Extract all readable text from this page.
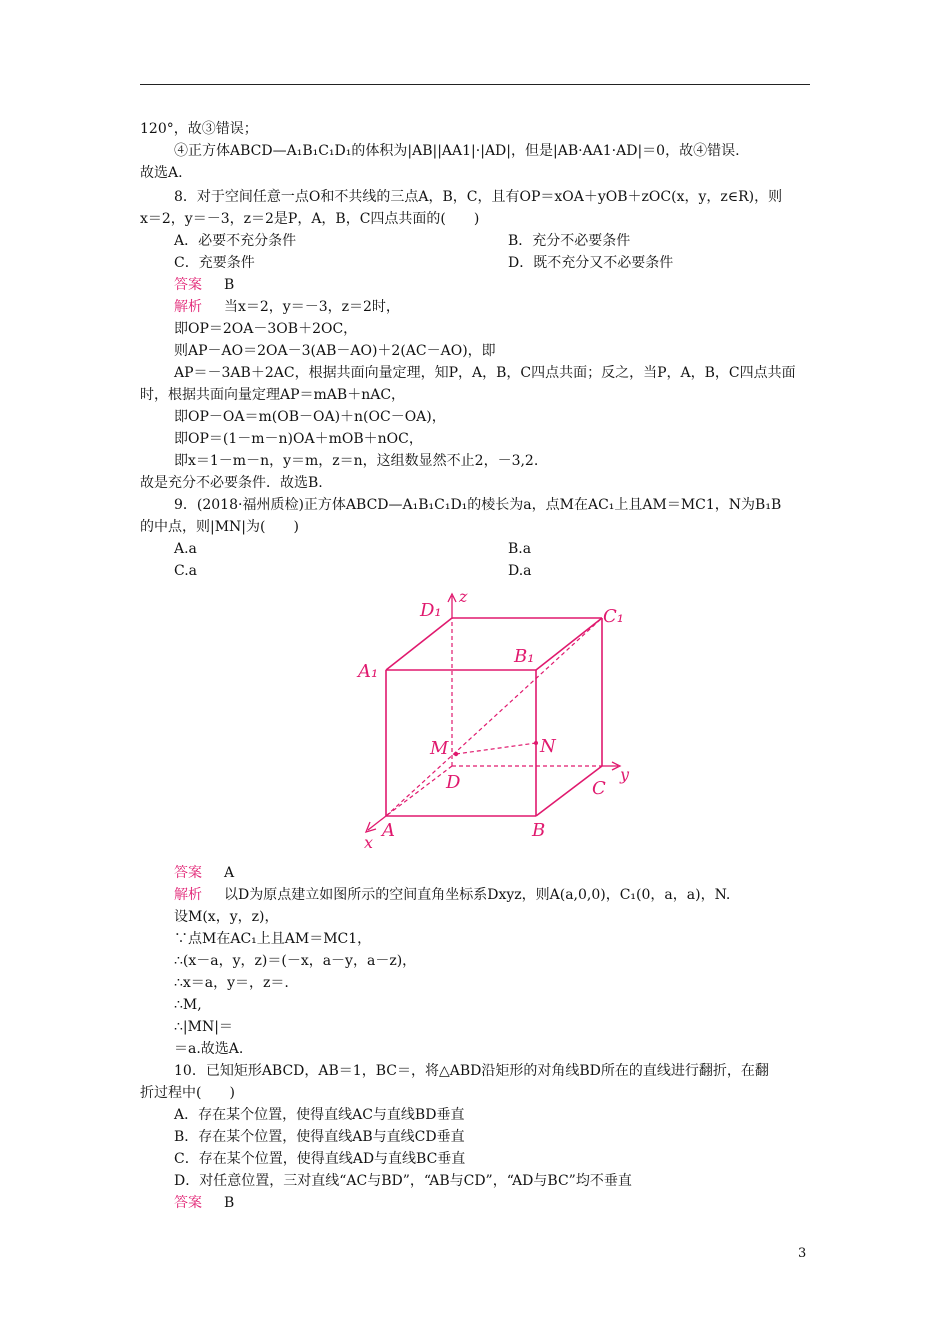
120°，故③错误；
④正方体ABCD—A₁B₁C₁D₁的体积为|AB||AA1|·|AD|，但是|AB·AA1·AD|＝0，故④错误.
故选A.
8．对于空间任意一点O和不共线的三点A，B，C，且有OP＝xOA＋yOB＋zOC(x，y，z∈R)，则
x＝2，y＝－3，z＝2是P，A，B，C四点共面的(　　)
A．必要不充分条件	B．充分不必要条件
C．充要条件	D．既不充分又不必要条件
答案 B
解析 当x＝2，y＝－3，z＝2时，
即OP＝2OA－3OB＋2OC，
则AP－AO＝2OA－3(AB－AO)＋2(AC－AO)，即
AP＝－3AB＋2AC，根据共面向量定理，知P，A，B，C四点共面；反之，当P，A，B，C四点共面
时，根据共面向量定理AP＝mAB＋nAC，
即OP－OA＝m(OB－OA)＋n(OC－OA)，
即OP＝(1－m－n)OA＋mOB＋nOC，
即x＝1－m－n，y＝m，z＝n，这组数显然不止2，－3,2.
故是充分不必要条件．故选B.
9．(2018·福州质检)正方体ABCD—A₁B₁C₁D₁的棱长为a，点M在AC₁上且AM＝MC1，N为B₁B
的中点，则|MN|为(　　)
A.a	B.a
C.a	D.a
D₁
z
C₁
A₁
B₁
M	N
D	C
y
A	B
x
答案 A
解析 以D为原点建立如图所示的空间直角坐标系Dxyz，则A(a,0,0)，C₁(0，a，a)，N.
设M(x，y，z)，
∵点M在AC₁上且AM＝MC1，
∴(x－a，y，z)＝(－x，a－y，a－z)，
∴x＝a，y＝，z＝.
∴M,
∴|MN|＝
＝a.故选A.
10．已知矩形ABCD，AB＝1，BC＝，将△ABD沿矩形的对角线BD所在的直线进行翻折，在翻
折过程中(　　)
A．存在某个位置，使得直线AC与直线BD垂直
B．存在某个位置，使得直线AB与直线CD垂直
C．存在某个位置，使得直线AD与直线BC垂直
D．对任意位置，三对直线“AC与BD”，“AB与CD”，“AD与BC”均不垂直
答案 B
3
